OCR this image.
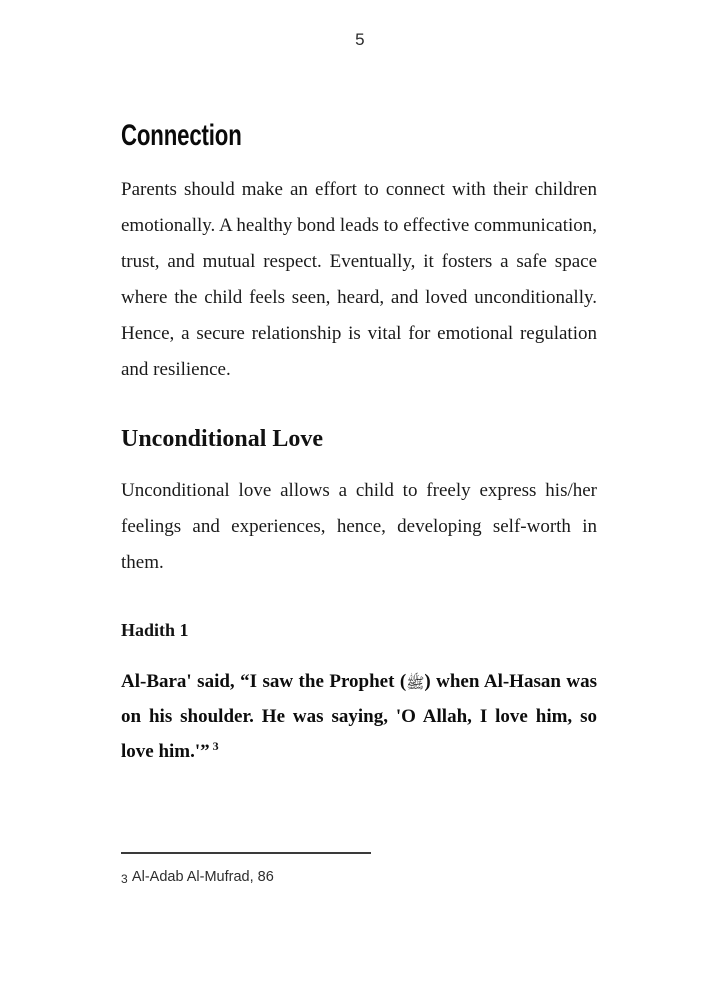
5
Connection

Parents should make an effort to connect with their children emotionally. A healthy bond leads to effective communication, trust, and mutual respect. Eventually, it fosters a safe space where the child feels seen, heard, and loved unconditionally. Hence, a secure relationship is vital for emotional regulation and resilience.

Unconditional Love

Unconditional love allows a child to freely express his/her feelings and experiences, hence, developing self-worth in them.

Hadith 1

Al-Bara' said, “I saw the Prophet (ﷺ) when Al-Hasan was on his shoulder. He was saying, 'O Allah, I love him, so love him.'” $^3$

3 Al-Adab Al-Mufrad, 86
